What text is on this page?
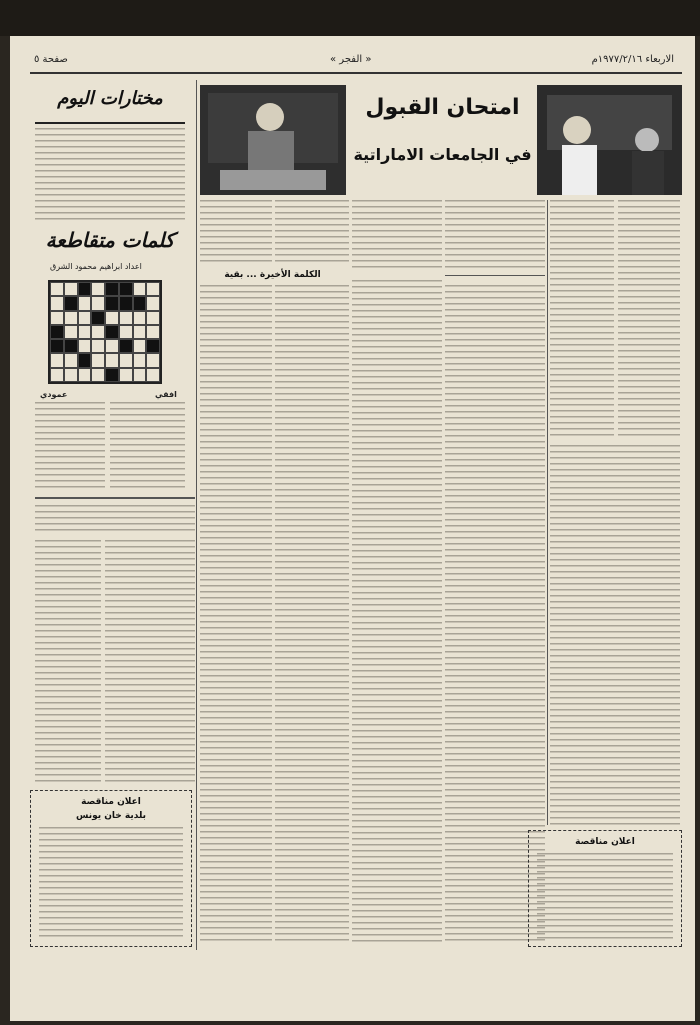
الاربعاء ١٩٧٧/٢/١٦م
« الفجر »
صفحة ٥
امتحان القبول
في الجامعات الاماراتية
الكلمة الأخيرة ... بقية
اعلان مناقصة
مختارات اليوم
كلمات متقاطعة
اعداد ابراهيم محمود الشرق
افقي
عمودي
اعلان مناقصة
بلدية خان يونس
